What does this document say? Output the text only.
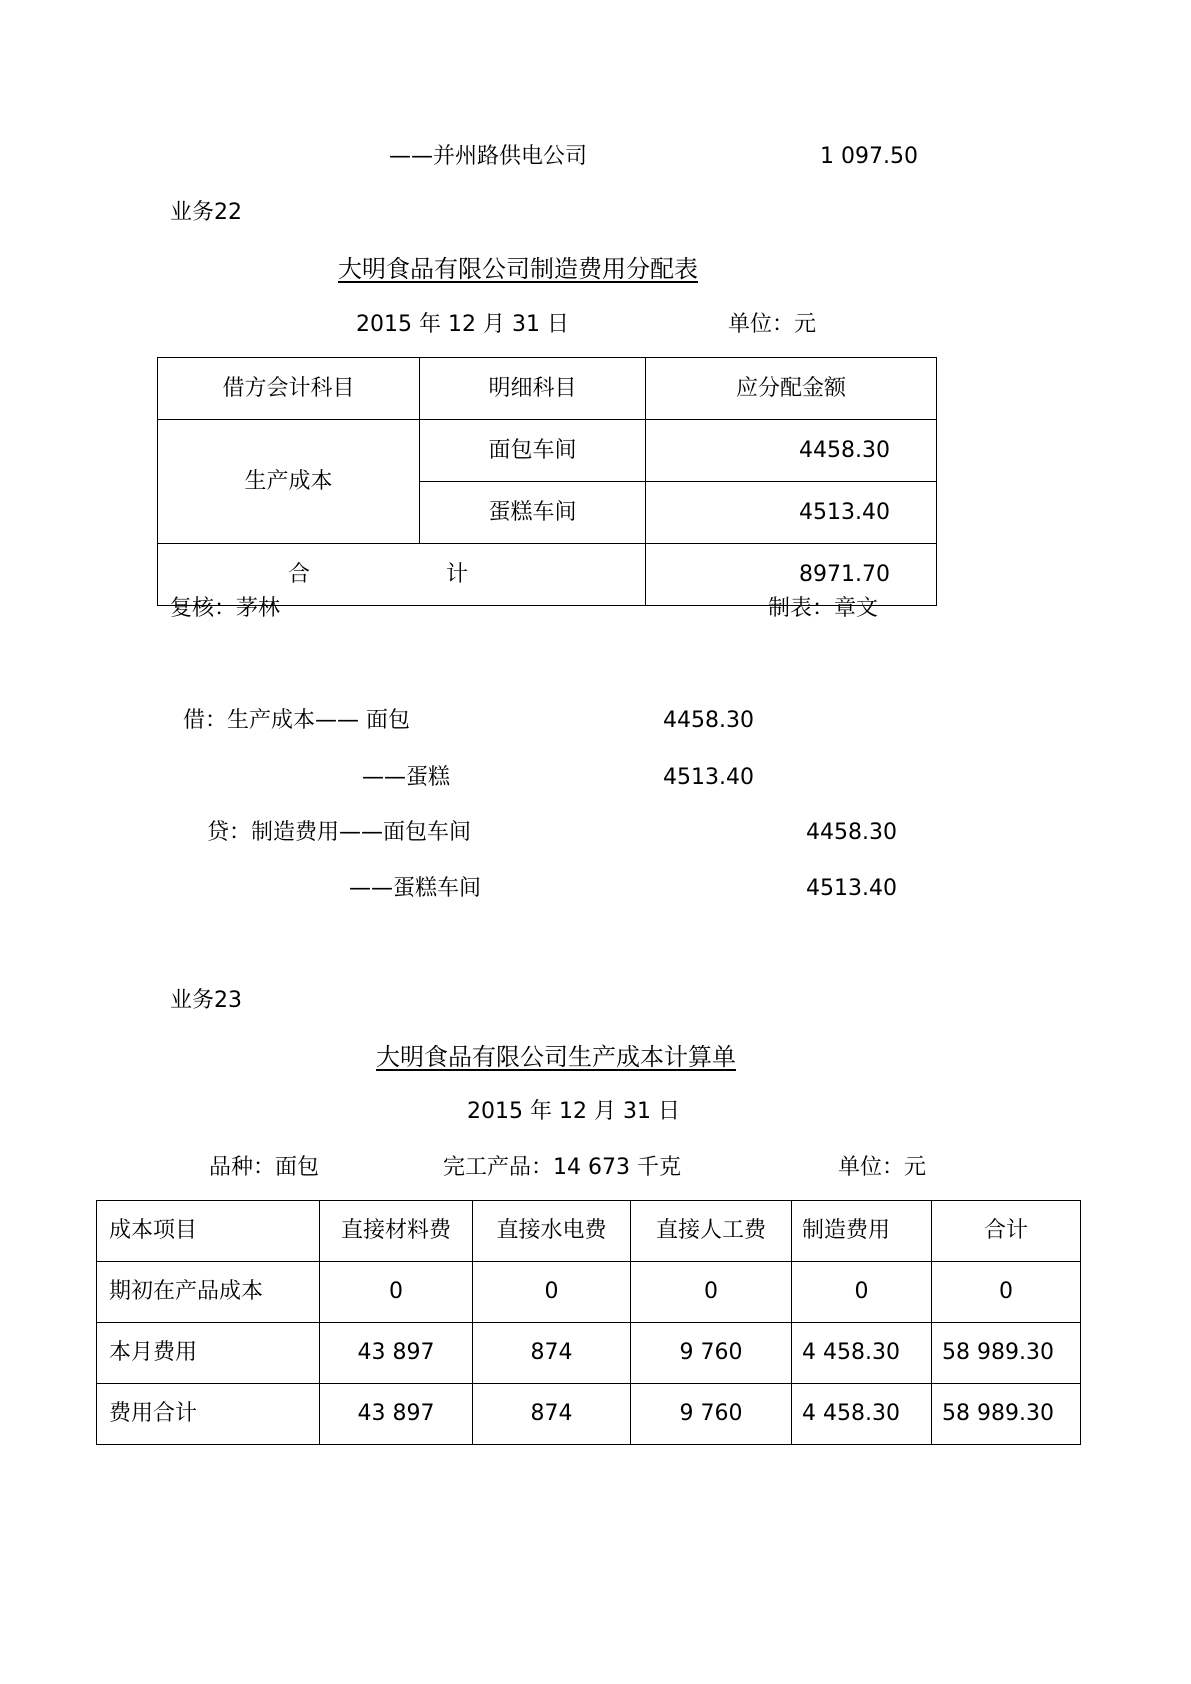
——并州路供电公司	1 097.50
业务22
大明食品有限公司制造费用分配表
2015 年 12 月 31 日	单位：元
借方会计科目	明细科目	应分配金额
生产成本	面包车间	4458.30
	蛋糕车间	4513.40
合 计		8971.70
复核：茅林	制表：章文
借：生产成本—— 面包	4458.30
——蛋糕	4513.40
贷：制造费用——面包车间	4458.30
——蛋糕车间	4513.40
业务23
大明食品有限公司生产成本计算单
2015 年 12 月 31 日
品种：面包	完工产品：14 673 千克	单位：元
成本项目	直接材料费	直接水电费	直接人工费	制造费用	合计
期初在产品成本	0	0	0	0	0
本月费用	43 897	874	9 760	4 458.30	58 989.30
费用合计	43 897	874	9 760	4 458.30	58 989.30
